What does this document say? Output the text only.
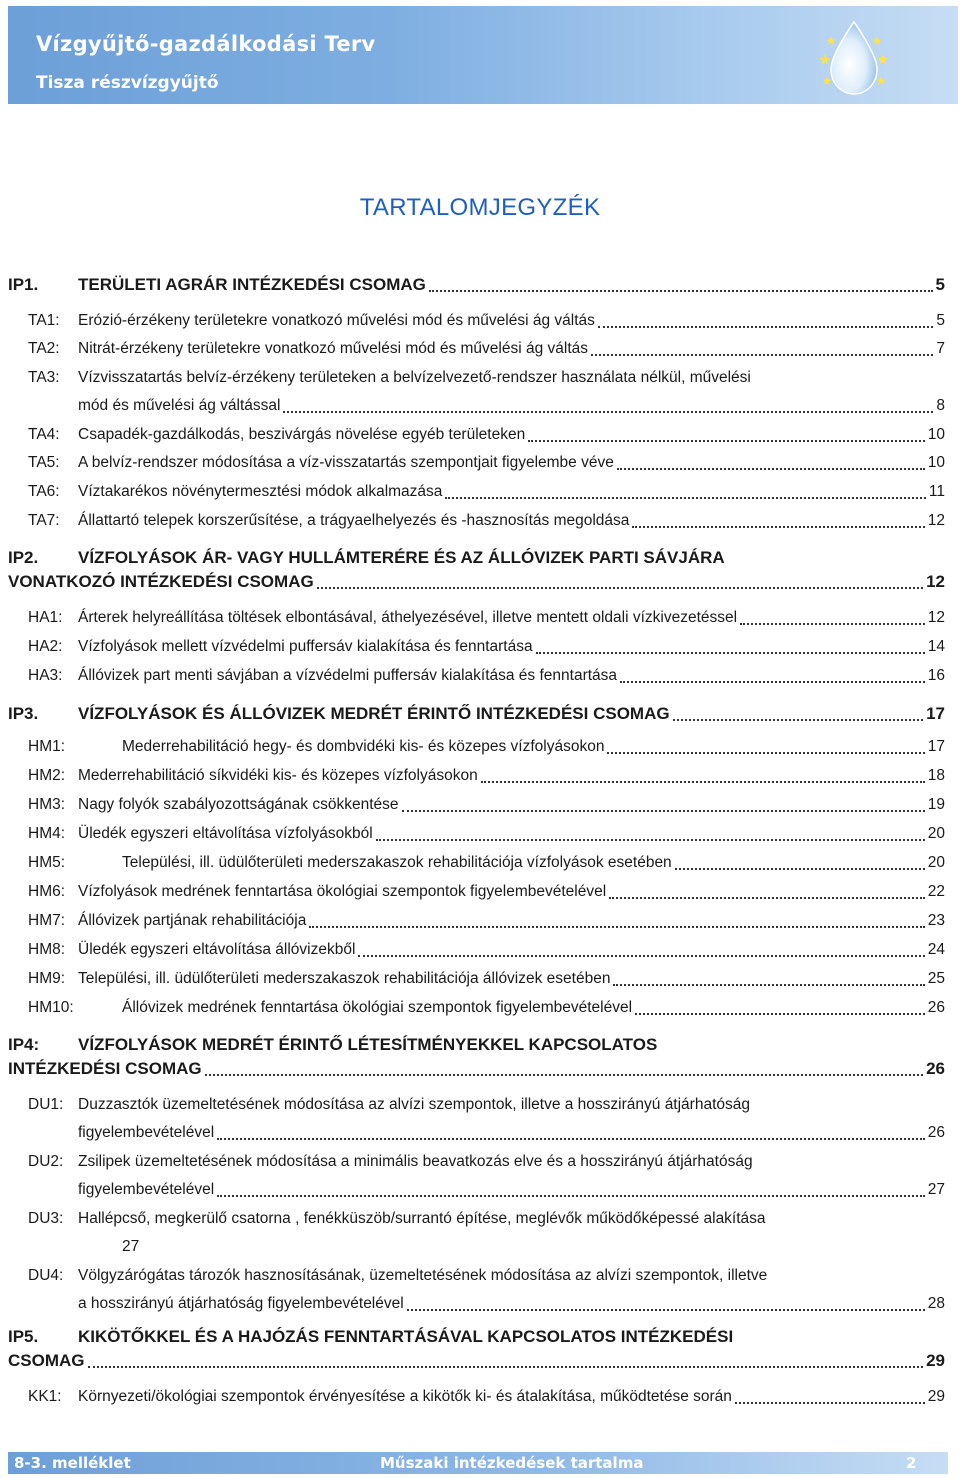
Vízgyűjtő-gazdálkodási Terv
Tisza részvízgyűjtő
TARTALOMJEGYZÉK
IP1. TERÜLETI AGRÁR INTÉZKEDÉSI CSOMAG	5
TA1: Erózió-érzékeny területekre vonatkozó művelési mód és művelési ág váltás	5
TA2: Nitrát-érzékeny területekre vonatkozó művelési mód és művelési ág váltás	7
TA3: Vízvisszatartás belvíz-érzékeny területeken a belvízelvezető-rendszer használata nélkül, művelési
mód és művelési ág váltással	8
TA4: Csapadék-gazdálkodás, beszivárgás növelése egyéb területeken	10
TA5: A belvíz-rendszer módosítása a víz-visszatartás szempontjait figyelembe véve	10
TA6: Víztakarékos növénytermesztési módok alkalmazása	11
TA7: Állattartó telepek korszerűsítése, a trágyaelhelyezés és -hasznosítás megoldása	12
IP2. VÍZFOLYÁSOK ÁR- VAGY HULLÁMTERÉRE ÉS AZ ÁLLÓVIZEK PARTI SÁVJÁRA
VONATKOZÓ INTÉZKEDÉSI CSOMAG	12
HA1: Árterek helyreállítása töltések elbontásával, áthelyezésével, illetve mentett oldali vízkivezetéssel	12
HA2: Vízfolyások mellett vízvédelmi puffersáv kialakítása és fenntartása	14
HA3: Állóvizek part menti sávjában a vízvédelmi puffersáv kialakítása és fenntartása	16
IP3. VÍZFOLYÁSOK ÉS ÁLLÓVIZEK MEDRÉT ÉRINTŐ INTÉZKEDÉSI CSOMAG	17
HM1:	Mederrehabilitáció hegy- és dombvidéki kis- és közepes vízfolyásokon	17
HM2: Mederrehabilitáció síkvidéki kis- és közepes vízfolyásokon	18
HM3: Nagy folyók szabályozottságának csökkentése	19
HM4: Üledék egyszeri eltávolítása vízfolyásokból	20
HM5:	Települési, ill. üdülőterületi mederszakaszok rehabilitációja vízfolyások esetében	20
HM6: Vízfolyások medrének fenntartása ökológiai szempontok figyelembevételével	22
HM7: Állóvizek partjának rehabilitációja	23
HM8: Üledék egyszeri eltávolítása állóvizekből	24
HM9: Települési, ill. üdülőterületi mederszakaszok rehabilitációja állóvizek esetében	25
HM10:	Állóvizek medrének fenntartása ökológiai szempontok figyelembevételével	26
IP4: VÍZFOLYÁSOK MEDRÉT ÉRINTŐ LÉTESÍTMÉNYEKKEL KAPCSOLATOS
INTÉZKEDÉSI CSOMAG	26
DU1: Duzzasztók üzemeltetésének módosítása az alvízi szempontok, illetve a hosszirányú átjárhatóság
figyelembevételével	26
DU2: Zsilipek üzemeltetésének módosítása a minimális beavatkozás elve és a hosszirányú átjárhatóság
figyelembevételével	27
DU3: Hallépcső, megkerülő csatorna , fenékküszöb/surrantó építése, meglévők működőképessé alakítása
27
DU4: Völgyzárógátas tározók hasznosításának, üzemeltetésének módosítása az alvízi szempontok, illetve
a hosszirányú átjárhatóság figyelembevételével	28
IP5. KIKÖTŐKKEL ÉS A HAJÓZÁS FENNTARTÁSÁVAL KAPCSOLATOS INTÉZKEDÉSI
CSOMAG	29
KK1: Környezeti/ökológiai szempontok érvényesítése a kikötők ki- és átalakítása, működtetése során	29
8-3. melléklet	Műszaki intézkedések tartalma	2
